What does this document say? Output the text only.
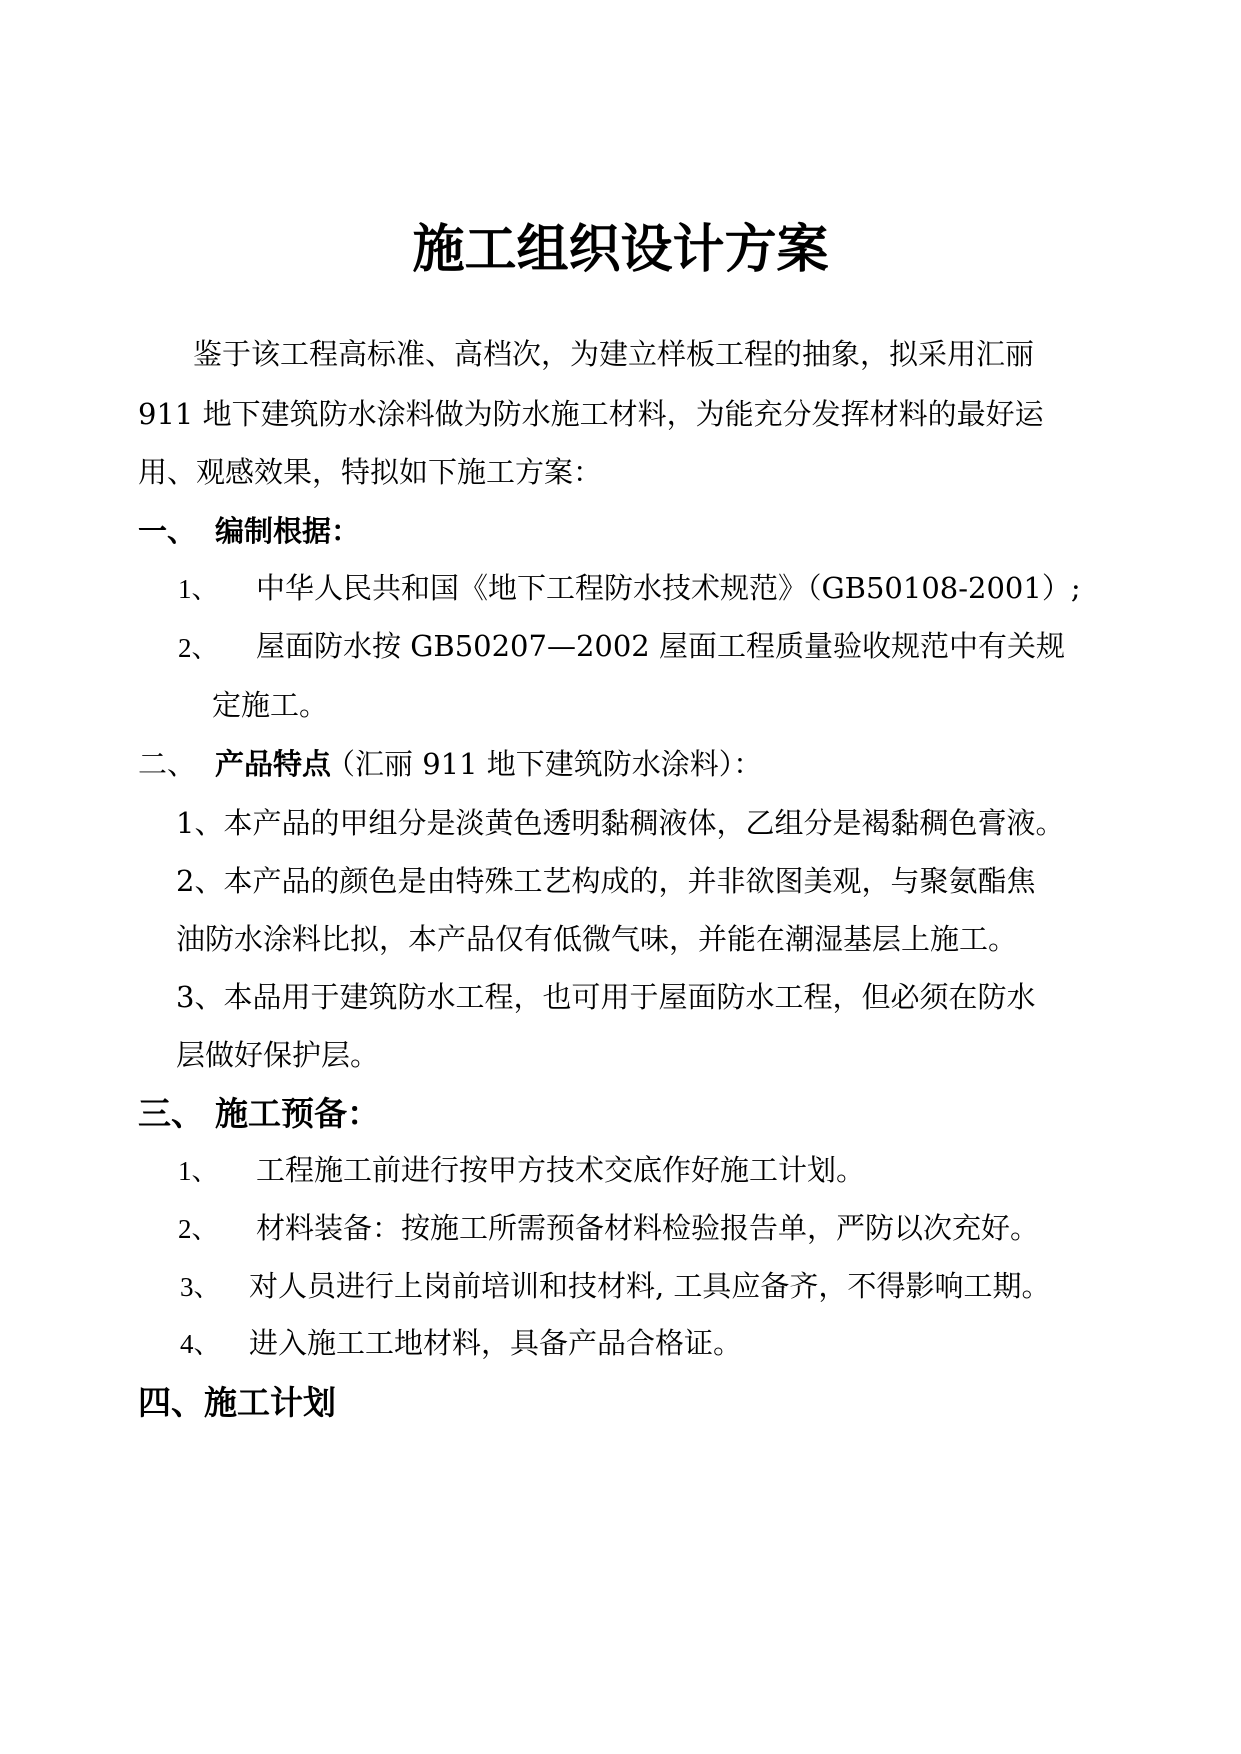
施工组织设计方案
鉴于该工程高标准、高档次，为建立样板工程的抽象，拟采用汇丽
911 地下建筑防水涂料做为防水施工材料，为能充分发挥材料的最好运
用、观感效果，特拟如下施工方案：
一、 编制根据：
1、 中华人民共和国《地下工程防水技术规范》（GB50108-2001）;
2、 屋面防水按 GB50207—2002 屋面工程质量验收规范中有关规
定施工。
二、 产品特点
（汇丽 911 地下建筑防水涂料）：
1、本产品的甲组分是淡黄色透明黏稠液体，乙组分是褐黏稠色膏液。
2、本产品的颜色是由特殊工艺构成的，并非欲图美观，与聚氨酯焦
油防水涂料比拟，本产品仅有低微气味，并能在潮湿基层上施工。
3、本品用于建筑防水工程，也可用于屋面防水工程，但必须在防水
层做好保护层。
三、 施工预备：
1、 工程施工前进行按甲方技术交底作好施工计划。
2、 材料装备：按施工所需预备材料检验报告单，严防以次充好。
3、 对人员进行上岗前培训和技材料, 工具应备齐，不得影响工期。
4、 进入施工工地材料，具备产品合格证。
四、施工计划
